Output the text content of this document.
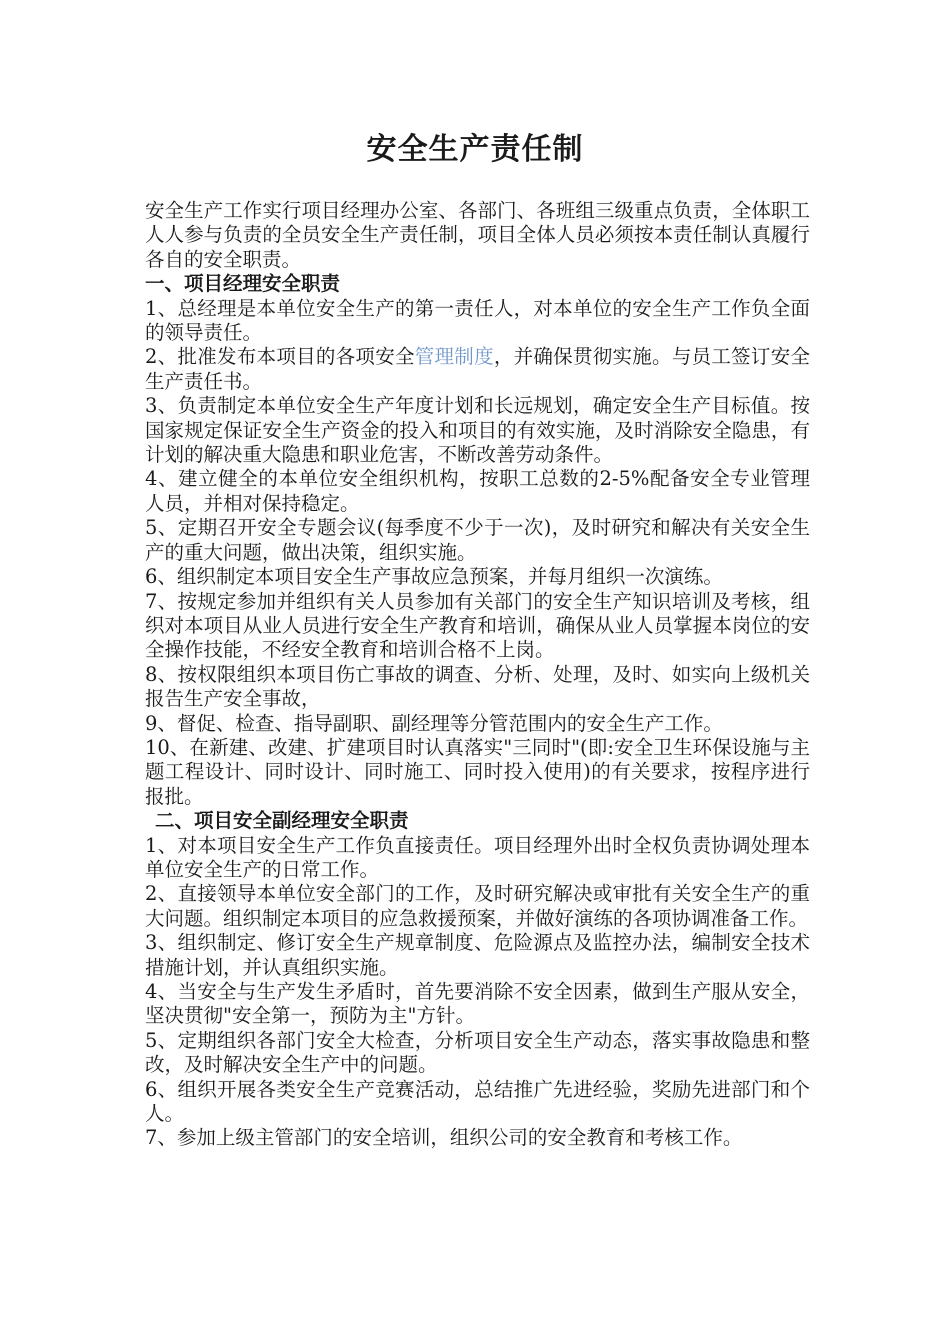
安全生产责任制

安全生产工作实行项目经理办公室、各部门、各班组三级重点负责，全体职工人人参与负责的全员安全生产责任制，项目全体人员必须按本责任制认真履行各自的安全职责。

一、项目经理安全职责

1、总经理是本单位安全生产的第一责任人，对本单位的安全生产工作负全面的领导责任。

2、批准发布本项目的各项安全管理制度，并确保贯彻实施。与员工签订安全生产责任书。

3、负责制定本单位安全生产年度计划和长远规划，确定安全生产目标值。按国家规定保证安全生产资金的投入和项目的有效实施，及时消除安全隐患，有计划的解决重大隐患和职业危害，不断改善劳动条件。

4、建立健全的本单位安全组织机构，按职工总数的2-5%配备安全专业管理人员，并相对保持稳定。

5、定期召开安全专题会议(每季度不少于一次)，及时研究和解决有关安全生产的重大问题，做出决策，组织实施。

6、组织制定本项目安全生产事故应急预案，并每月组织一次演练。

7、按规定参加并组织有关人员参加有关部门的安全生产知识培训及考核，组织对本项目从业人员进行安全生产教育和培训，确保从业人员掌握本岗位的安全操作技能，不经安全教育和培训合格不上岗。

8、按权限组织本项目伤亡事故的调查、分析、处理，及时、如实向上级机关报告生产安全事故，

9、督促、检查、指导副职、副经理等分管范围内的安全生产工作。

10、在新建、改建、扩建项目时认真落实"三同时"(即:安全卫生环保设施与主题工程设计、同时设计、同时施工、同时投入使用)的有关要求，按程序进行报批。

二、项目安全副经理安全职责

1、对本项目安全生产工作负直接责任。项目经理外出时全权负责协调处理本单位安全生产的日常工作。

2、直接领导本单位安全部门的工作，及时研究解决或审批有关安全生产的重大问题。组织制定本项目的应急救援预案，并做好演练的各项协调准备工作。

3、组织制定、修订安全生产规章制度、危险源点及监控办法，编制安全技术措施计划，并认真组织实施。

4、当安全与生产发生矛盾时，首先要消除不安全因素，做到生产服从安全，坚决贯彻"安全第一，预防为主"方针。

5、定期组织各部门安全大检查，分析项目安全生产动态，落实事故隐患和整改，及时解决安全生产中的问题。

6、组织开展各类安全生产竞赛活动，总结推广先进经验，奖励先进部门和个人。

7、参加上级主管部门的安全培训，组织公司的安全教育和考核工作。
